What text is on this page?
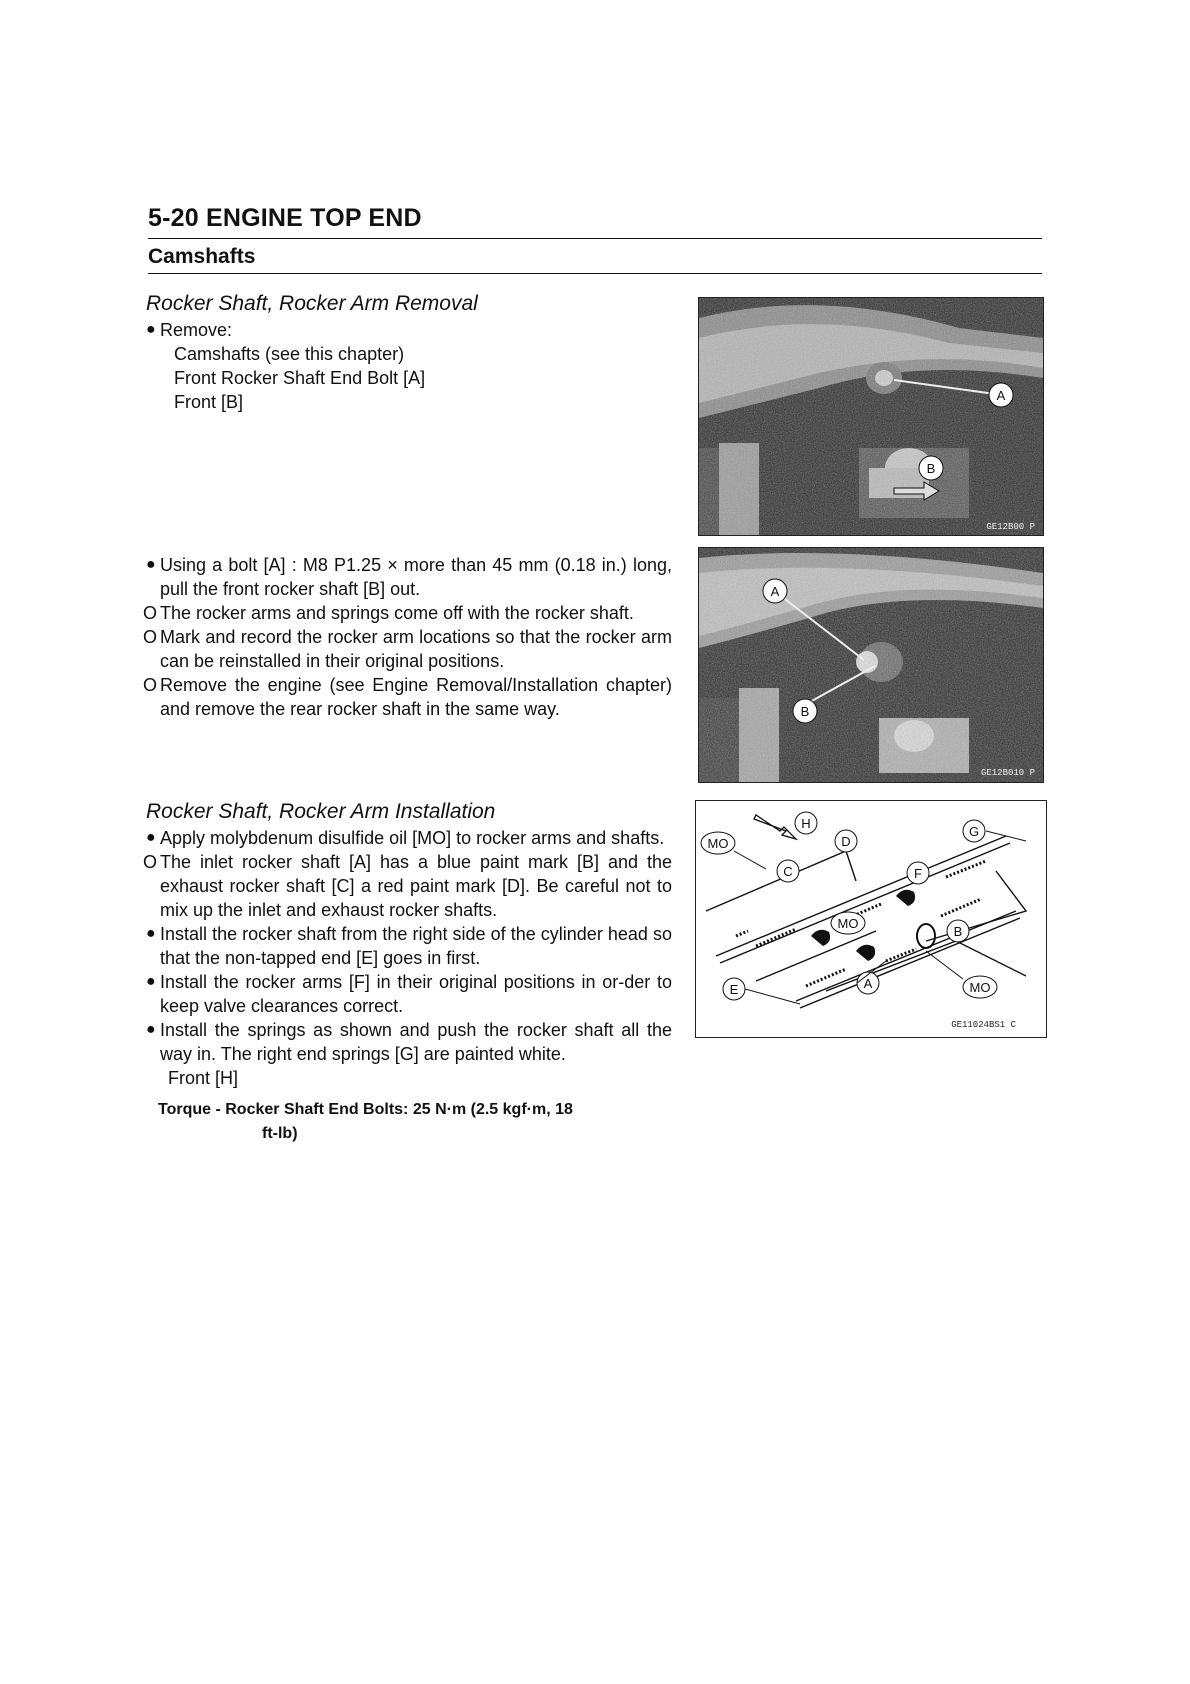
5-20 ENGINE TOP END
Camshafts
Rocker Shaft, Rocker Arm Removal
● Remove:
Camshafts (see this chapter)
Front Rocker Shaft End Bolt [A]
Front [B]
● Using a bolt [A] : M8 P1.25 × more than 45 mm (0.18 in.) long, pull the front rocker shaft [B] out.
O The rocker arms and springs come off with the rocker shaft.
O Mark and record the rocker arm locations so that the rocker arm can be reinstalled in their original positions.
O Remove the engine (see Engine Removal/Installation chapter) and remove the rear rocker shaft in the same way.
Rocker Shaft, Rocker Arm Installation
● Apply molybdenum disulfide oil [MO] to rocker arms and shafts.
O The inlet rocker shaft [A] has a blue paint mark [B] and the exhaust rocker shaft [C] a red paint mark [D]. Be careful not to mix up the inlet and exhaust rocker shafts.
● Install the rocker shaft from the right side of the cylinder head so that the non-tapped end [E] goes in first.
● Install the rocker arms [F] in their original positions in or-der to keep valve clearances correct.
● Install the springs as shown and push the rocker shaft all the way in. The right end springs [G] are painted white.
Front [H]
Torque - Rocker Shaft End Bolts: 25 N·m (2.5 kgf·m, 18
ft-lb)
A
B
GE12B00 P
A
B
GE12B010 P
H
MO	D
G
C	F
MO
B
E	A	MO
GE11024BS1 C
